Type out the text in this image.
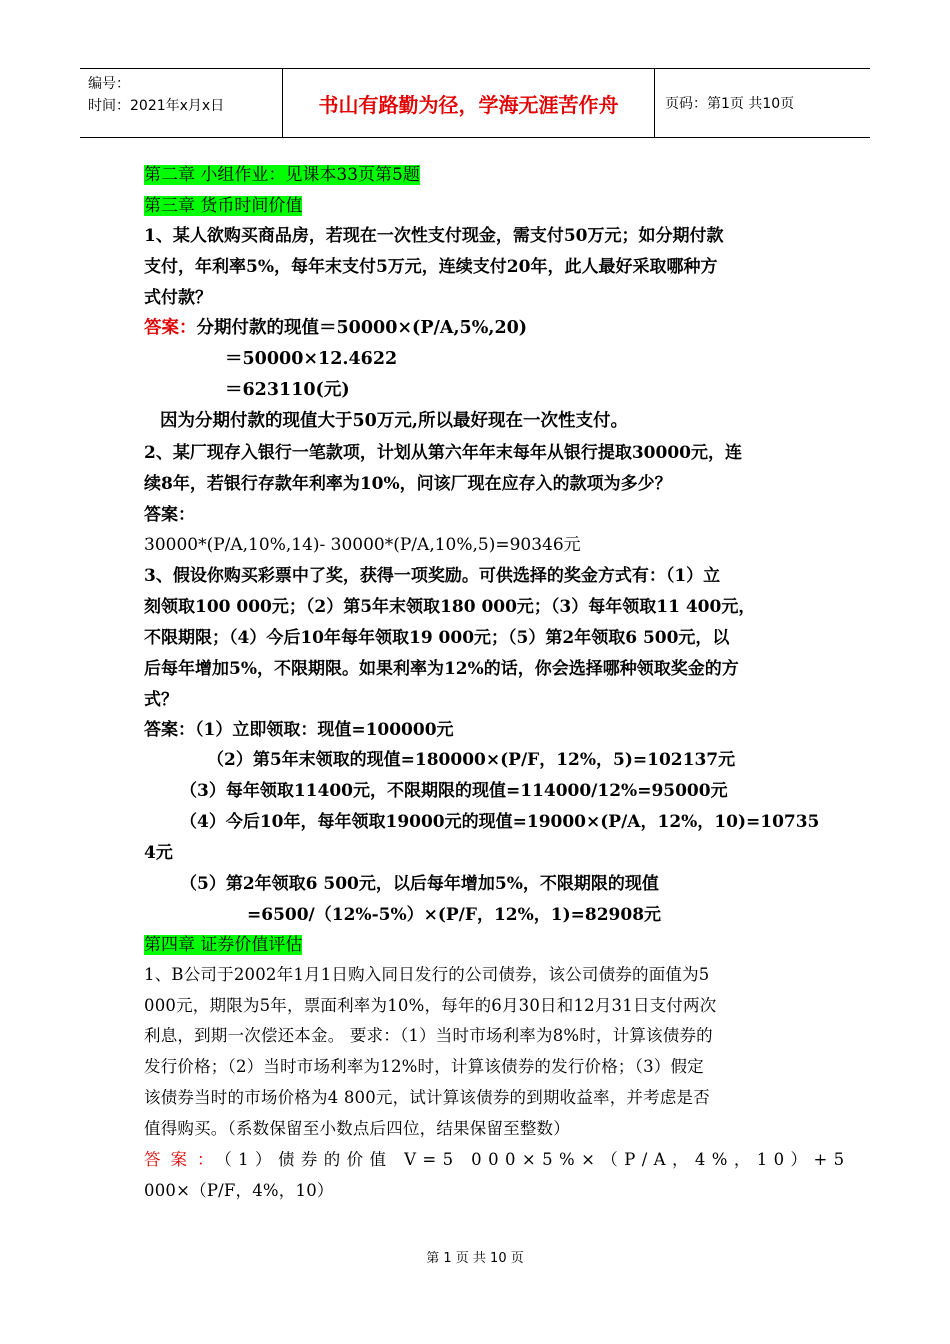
编号：
时间：2021年x月x日	书山有路勤为径，学海无涯苦作舟	页码：第1页 共10页
第二章 小组作业：见课本33页第5题
第三章 货币时间价值
1、某人欲购买商品房，若现在一次性支付现金，需支付50万元；如分期付款
支付，年利率5%，每年末支付5万元，连续支付20年，此人最好采取哪种方
式付款？
答案：分期付款的现值＝50000×(P/A,5%,20)
＝50000×12.4622
＝623110(元)
因为分期付款的现值大于50万元,所以最好现在一次性支付。
2、某厂现存入银行一笔款项，计划从第六年年末每年从银行提取30000元，连
续8年，若银行存款年利率为10%，问该厂现在应存入的款项为多少？
答案：
30000*(P/A,10%,14)- 30000*(P/A,10%,5)=90346元
3、假设你购买彩票中了奖，获得一项奖励。可供选择的奖金方式有：（1）立
刻领取100 000元；（2）第5年末领取180 000元；（3）每年领取11 400元，
不限期限；（4）今后10年每年领取19 000元；（5）第2年领取6 500元，以
后每年增加5%，不限期限。如果利率为12%的话，你会选择哪种领取奖金的方
式？
答案：（1）立即领取：现值=100000元
（2）第5年末领取的现值=180000×(P/F，12%，5)=102137元
（3）每年领取11400元，不限期限的现值=114000/12%=95000元
（4）今后10年，每年领取19000元的现值=19000×(P/A，12%，10)=10735
4元
（5）第2年领取6 500元，以后每年增加5%，不限期限的现值
=6500/（12%-5%）×(P/F，12%，1)=82908元
第四章 证券价值评估
1、B公司于2002年1月1日购入同日发行的公司债券，该公司债券的面值为5
000元，期限为5年，票面利率为10%，每年的6月30日和12月31日支付两次
利息，到期一次偿还本金。 要求：（1）当时市场利率为8%时，计算该债券的
发行价格；（2）当时市场利率为12%时，计算该债券的发行价格；（3）假定
该债券当时的市场价格为4 800元，试计算该债券的到期收益率，并考虑是否
值得购买。（系数保留至小数点后四位，结果保留至整数）
答案：（1）债券的价值 V=5 000×5%×（P/A，4%，10）+5
000×（P/F，4%，10）
第 1 页 共 10 页
